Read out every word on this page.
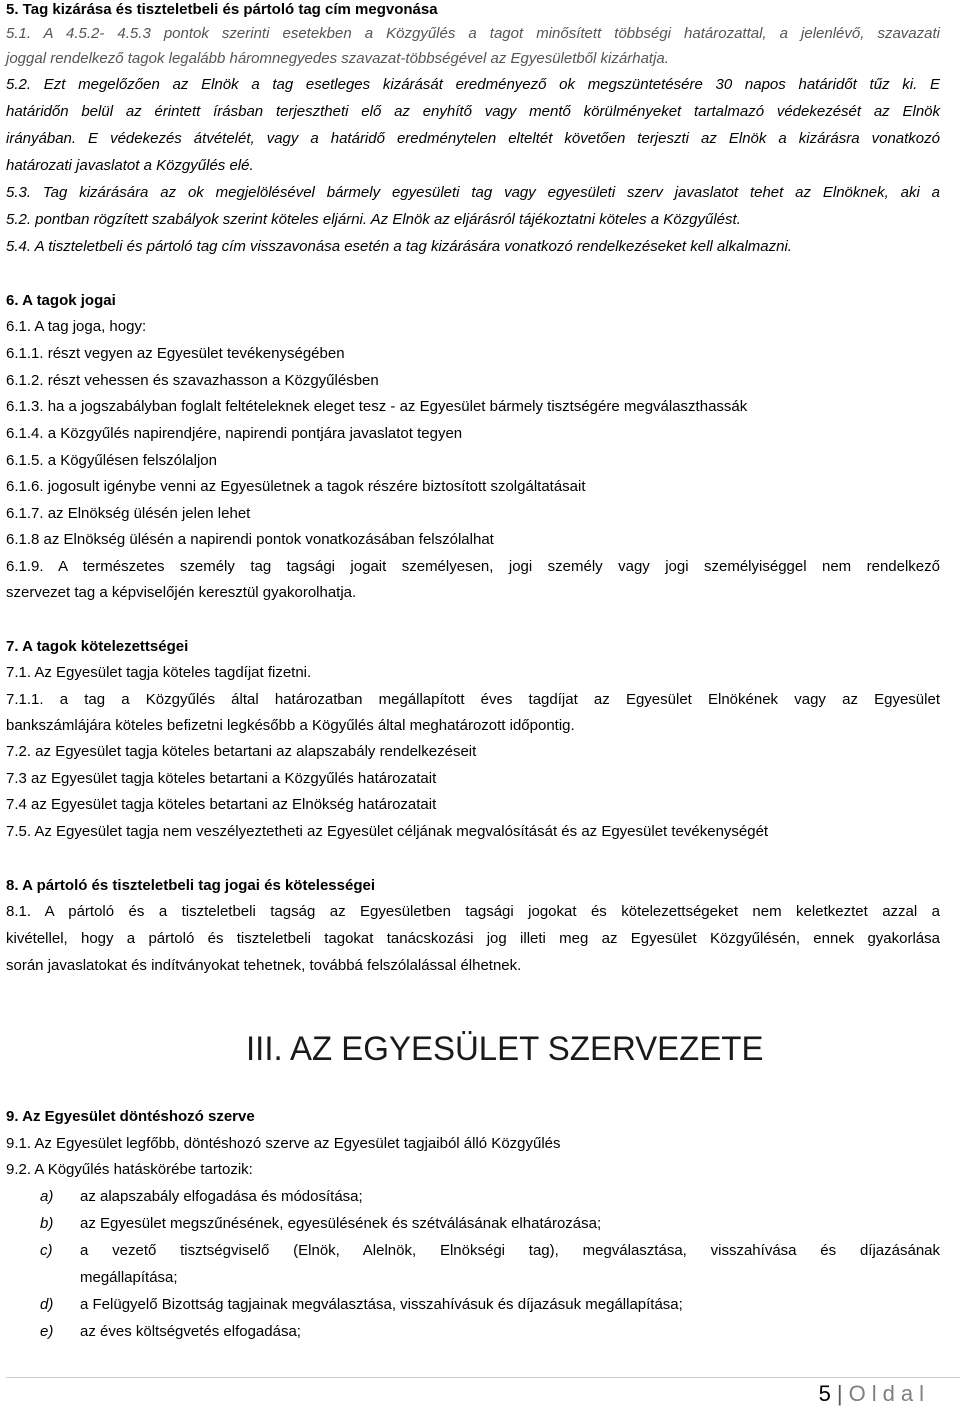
5. Tag kizárása és tiszteletbeli és pártoló tag cím megvonása
5.1. A 4.5.2- 4.5.3 pontok szerinti esetekben a Közgyűlés a tagot minősített többségi határozattal, a jelenlévő, szavazati
joggal rendelkező tagok legalább háromnegyedes szavazat-többségével az Egyesületből kizárhatja.
5.2. Ezt megelőzően az Elnök a tag esetleges kizárását eredményező ok megszüntetésére 30 napos határidőt tűz ki. E
határidőn belül az érintett írásban terjesztheti elő az enyhítő vagy mentő körülményeket tartalmazó védekezését az Elnök
irányában. E védekezés átvételét, vagy a határidő eredménytelen elteltét követően terjeszti az Elnök a kizárásra vonatkozó
határozati javaslatot a Közgyűlés elé.
5.3. Tag kizárására az ok megjelölésével bármely egyesületi tag vagy egyesületi szerv javaslatot tehet az Elnöknek, aki a
5.2. pontban rögzített szabályok szerint köteles eljárni. Az Elnök az eljárásról tájékoztatni köteles a Közgyűlést.
5.4. A tiszteletbeli és pártoló tag cím visszavonása esetén a tag kizárására vonatkozó rendelkezéseket kell alkalmazni.
6. A tagok jogai
6.1. A tag joga, hogy:
6.1.1. részt vegyen az Egyesület tevékenységében
6.1.2. részt vehessen és szavazhasson a Közgyűlésben
6.1.3. ha a jogszabályban foglalt feltételeknek eleget tesz - az Egyesület bármely tisztségére megválaszthassák
6.1.4. a Közgyűlés napirendjére, napirendi pontjára javaslatot tegyen
6.1.5. a Kögyűlésen felszólaljon
6.1.6. jogosult igénybe venni az Egyesületnek a tagok részére biztosított szolgáltatásait
6.1.7. az Elnökség ülésén jelen lehet
6.1.8 az Elnökség ülésén a napirendi pontok vonatkozásában felszólalhat
6.1.9. A természetes személy tag tagsági jogait személyesen, jogi személy vagy jogi személyiséggel nem rendelkező
szervezet tag a képviselőjén keresztül gyakorolhatja.
7. A tagok kötelezettségei
7.1. Az Egyesület tagja köteles tagdíjat fizetni.
7.1.1. a tag a Közgyűlés által határozatban megállapított éves tagdíjat az Egyesület Elnökének vagy az Egyesület
bankszámlájára köteles befizetni legkésőbb a Kögyűlés által meghatározott időpontig.
7.2. az Egyesület tagja köteles betartani az alapszabály rendelkezéseit
7.3 az Egyesület tagja köteles betartani a Közgyűlés határozatait
7.4 az Egyesület tagja köteles betartani az Elnökség határozatait
7.5. Az Egyesület tagja nem veszélyeztetheti az Egyesület céljának megvalósítását és az Egyesület tevékenységét
8. A pártoló és tiszteletbeli tag jogai és kötelességei
8.1. A pártoló és a tiszteletbeli tagság az Egyesületben tagsági jogokat és kötelezettségeket nem keletkeztet azzal a
kivétellel, hogy a pártoló és tiszteletbeli tagokat tanácskozási jog illeti meg az Egyesület Közgyűlésén, ennek gyakorlása
során javaslatokat és indítványokat tehetnek, továbbá felszólalással élhetnek.
III. AZ EGYESÜLET SZERVEZETE
9. Az Egyesület döntéshozó szerve
9.1. Az Egyesület legfőbb, döntéshozó szerve az Egyesület tagjaiból álló Közgyűlés
9.2. A Kögyűlés hatáskörébe tartozik:
a) az alapszabály elfogadása és módosítása;
b) az Egyesület megszűnésének, egyesülésének és szétválásának elhatározása;
c) a vezető tisztségviselő (Elnök, Alelnök, Elnökségi tag), megválasztása, visszahívása és díjazásának
megállapítása;
d) a Felügyelő Bizottság tagjainak megválasztása, visszahívásuk és díjazásuk megállapítása;
e) az éves költségvetés elfogadása;
5 | Oldal
